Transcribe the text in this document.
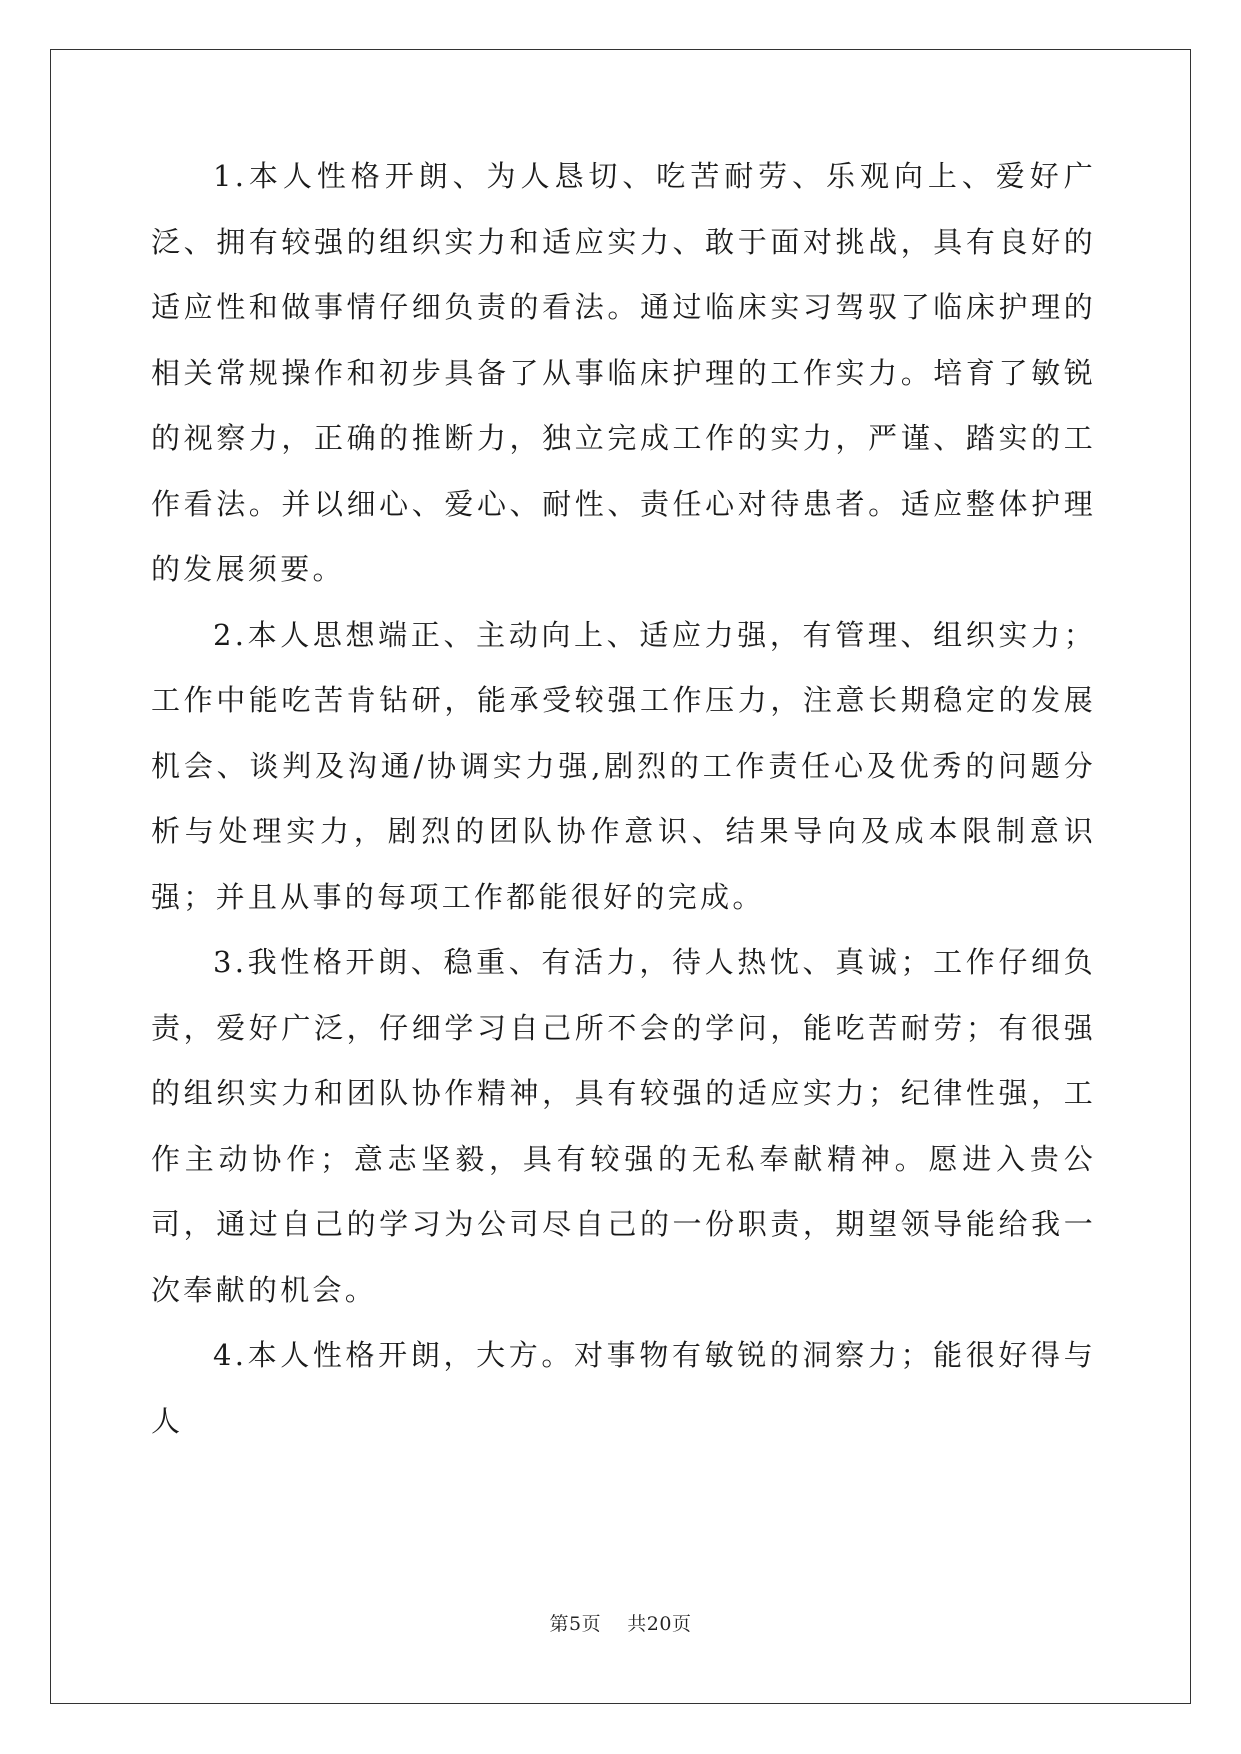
1.本人性格开朗、为人恳切、吃苦耐劳、乐观向上、爱好广泛、拥有较强的组织实力和适应实力、敢于面对挑战，具有良好的适应性和做事情仔细负责的看法。通过临床实习驾驭了临床护理的相关常规操作和初步具备了从事临床护理的工作实力。培育了敏锐的视察力，正确的推断力，独立完成工作的实力，严谨、踏实的工作看法。并以细心、爱心、耐性、责任心对待患者。适应整体护理的发展须要。

2.本人思想端正、主动向上、适应力强，有管理、组织实力；工作中能吃苦肯钻研，能承受较强工作压力，注意长期稳定的发展机会、谈判及沟通/协调实力强,剧烈的工作责任心及优秀的问题分析与处理实力，剧烈的团队协作意识、结果导向及成本限制意识强；并且从事的每项工作都能很好的完成。

3.我性格开朗、稳重、有活力，待人热忱、真诚；工作仔细负责，爱好广泛，仔细学习自己所不会的学问，能吃苦耐劳；有很强的组织实力和团队协作精神，具有较强的适应实力；纪律性强，工作主动协作；意志坚毅，具有较强的无私奉献精神。愿进入贵公司，通过自己的学习为公司尽自己的一份职责，期望领导能给我一次奉献的机会。

4.本人性格开朗，大方。对事物有敏锐的洞察力；能很好得与人

第5页    共20页
